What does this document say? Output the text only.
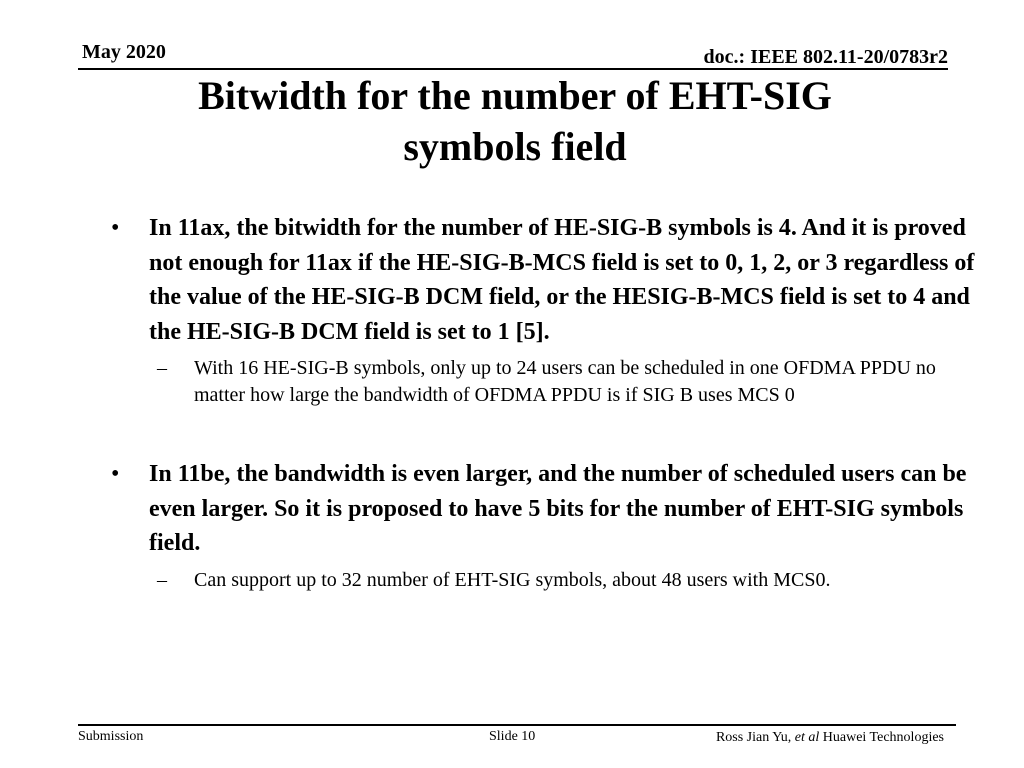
May 2020	doc.: IEEE 802.11-20/0783r2
Bitwidth for the number of EHT-SIG
symbols field
• In 11ax, the bitwidth for the number of HE-SIG-B symbols is 4. And it is proved not enough for 11ax if the HE-SIG-B-MCS field is set to 0, 1, 2, or 3 regardless of the value of the HE-SIG-B DCM field, or the HESIG-B-MCS field is set to 4 and the HE-SIG-B DCM field is set to 1 [5].
– With 16 HE-SIG-B symbols, only up to 24 users can be scheduled in one OFDMA PPDU no matter how large the bandwidth of OFDMA PPDU is if SIG B uses MCS 0
• In 11be, the bandwidth is even larger, and the number of scheduled users can be even larger. So it is proposed to have 5 bits for the number of EHT-SIG symbols field.
– Can support up to 32 number of EHT-SIG symbols, about 48 users with MCS0.
Submission	Slide 10	Ross Jian Yu, et al Huawei Technologies
